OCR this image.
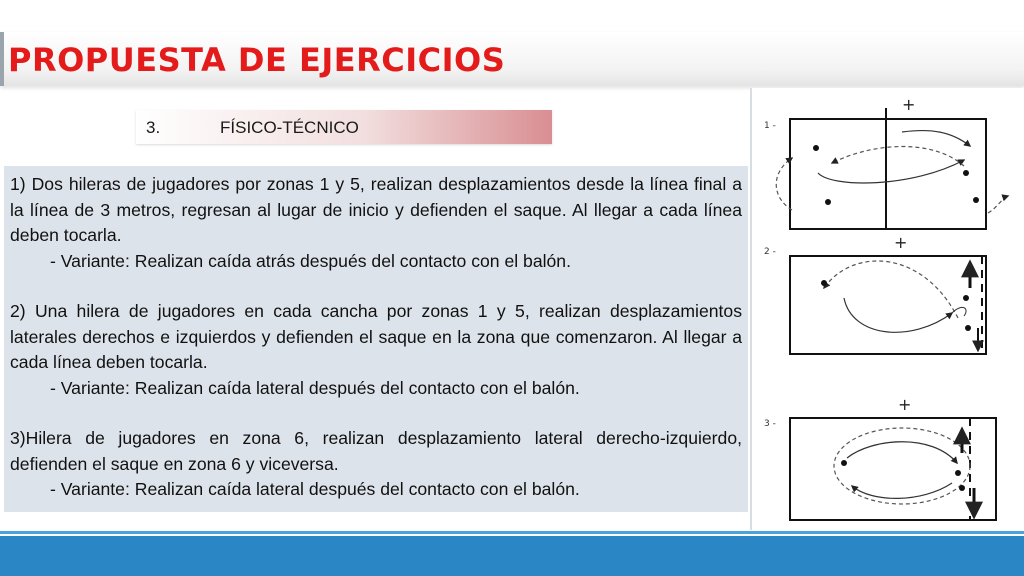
PROPUESTA DE EJERCICIOS
3.	FÍSICO-TÉCNICO

1) Dos hileras de jugadores por zonas 1 y 5, realizan desplazamientos desde la línea final a la línea de 3 metros, regresan al lugar de inicio y defienden el saque. Al llegar a cada línea deben tocarla.

- Variante: Realizan caída atrás después del contacto con el balón.

2) Una hilera de jugadores en cada cancha por zonas 1 y 5, realizan desplazamientos laterales derechos e izquierdos y defienden el saque en la zona que comenzaron. Al llegar a cada línea deben tocarla.

- Variante: Realizan caída lateral después del contacto con el balón.

3)Hilera de jugadores en zona 6, realizan desplazamiento lateral derecho-izquierdo, defienden el saque en zona 6 y viceversa.

- Variante: Realizan caída lateral después del contacto con el balón.

1 -
+
2 -	+
3 -
+
